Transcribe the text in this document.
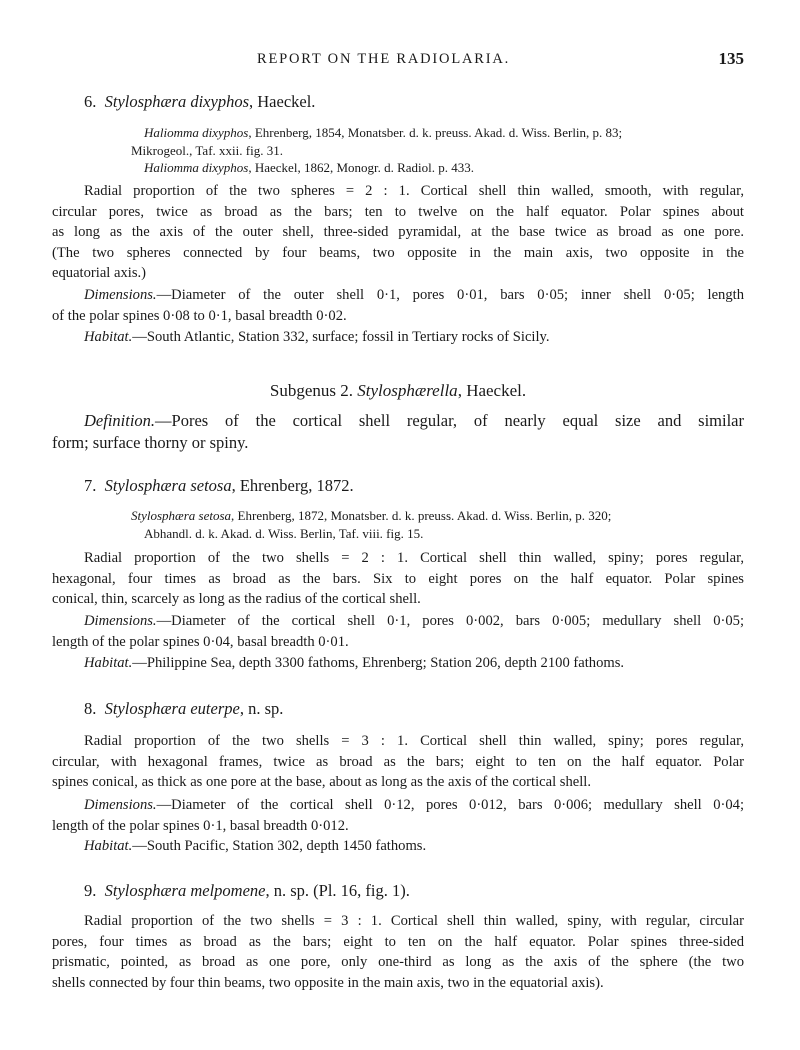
REPORT ON THE RADIOLARIA.	135
6. Stylosphæra dixyphos, Haeckel.
Haliomma dixyphos, Ehrenberg, 1854, Monatsber. d. k. preuss. Akad. d. Wiss. Berlin, p. 83;
Mikrogeol., Taf. xxii. fig. 31.
Haliomma dixyphos, Haeckel, 1862, Monogr. d. Radiol. p. 433.
Radial proportion of the two spheres = 2 : 1. Cortical shell thin walled, smooth, with regular,
circular pores, twice as broad as the bars; ten to twelve on the half equator. Polar spines about
as long as the axis of the outer shell, three-sided pyramidal, at the base twice as broad as one pore.
(The two spheres connected by four beams, two opposite in the main axis, two opposite in the
equatorial axis.)
Dimensions.—Diameter of the outer shell 0·1, pores 0·01, bars 0·05; inner shell 0·05; length
of the polar spines 0·08 to 0·1, basal breadth 0·02.
Habitat.—South Atlantic, Station 332, surface; fossil in Tertiary rocks of Sicily.
Subgenus 2. Stylosphærella, Haeckel.
Definition.—Pores of the cortical shell regular, of nearly equal size and similar
form; surface thorny or spiny.
7. Stylosphæra setosa, Ehrenberg, 1872.
Stylosphæra setosa, Ehrenberg, 1872, Monatsber. d. k. preuss. Akad. d. Wiss. Berlin, p. 320;
Abhandl. d. k. Akad. d. Wiss. Berlin, Taf. viii. fig. 15.
Radial proportion of the two shells = 2 : 1. Cortical shell thin walled, spiny; pores regular,
hexagonal, four times as broad as the bars. Six to eight pores on the half equator. Polar spines
conical, thin, scarcely as long as the radius of the cortical shell.
Dimensions.—Diameter of the cortical shell 0·1, pores 0·002, bars 0·005; medullary shell 0·05;
length of the polar spines 0·04, basal breadth 0·01.
Habitat.—Philippine Sea, depth 3300 fathoms, Ehrenberg; Station 206, depth 2100 fathoms.
8. Stylosphæra euterpe, n. sp.
Radial proportion of the two shells = 3 : 1. Cortical shell thin walled, spiny; pores regular,
circular, with hexagonal frames, twice as broad as the bars; eight to ten on the half equator. Polar
spines conical, as thick as one pore at the base, about as long as the axis of the cortical shell.
Dimensions.—Diameter of the cortical shell 0·12, pores 0·012, bars 0·006; medullary shell 0·04;
length of the polar spines 0·1, basal breadth 0·012.
Habitat.—South Pacific, Station 302, depth 1450 fathoms.
9. Stylosphæra melpomene, n. sp. (Pl. 16, fig. 1).
Radial proportion of the two shells = 3 : 1. Cortical shell thin walled, spiny, with regular, circular
pores, four times as broad as the bars; eight to ten on the half equator. Polar spines three-sided
prismatic, pointed, as broad as one pore, only one-third as long as the axis of the sphere (the two
shells connected by four thin beams, two opposite in the main axis, two in the equatorial axis).
